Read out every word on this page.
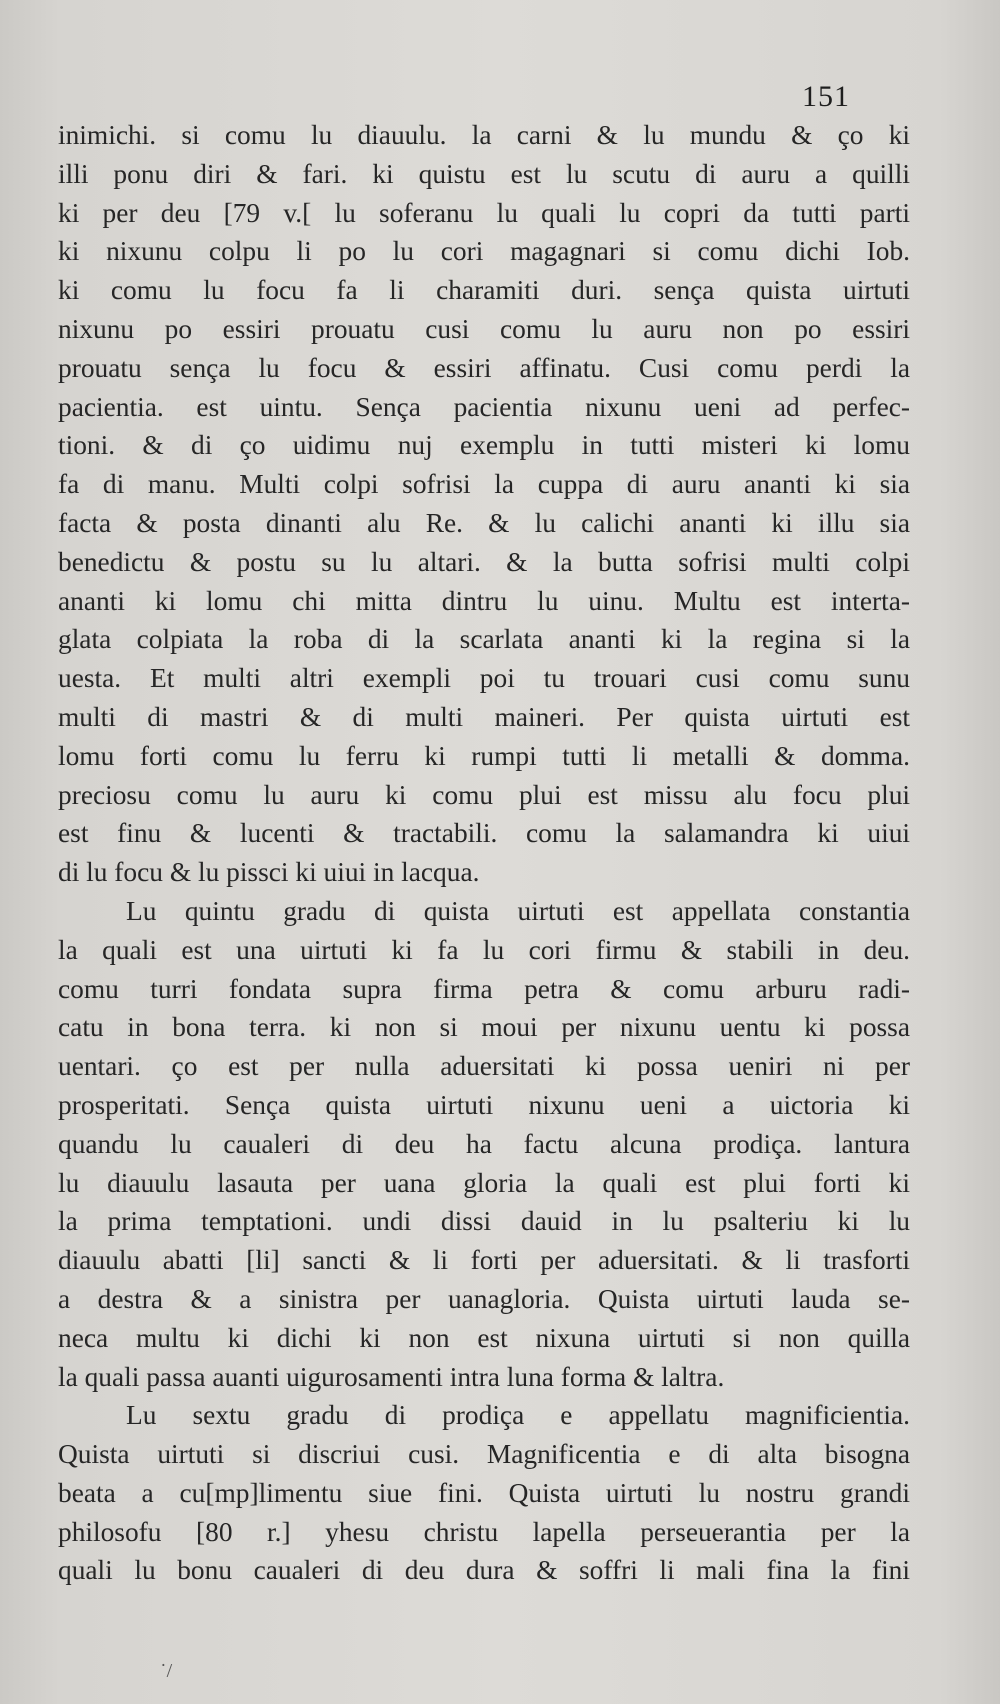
151
inimichi. si comu lu diauulu. la carni & lu mundu & ço ki
illi ponu diri & fari. ki quistu est lu scutu di auru a quilli
ki per deu [79 v.[ lu soferanu lu quali lu copri da tutti parti
ki nixunu colpu li po lu cori magagnari si comu dichi Iob.
ki comu lu focu fa li charamiti duri. sença quista uirtuti
nixunu po essiri prouatu cusi comu lu auru non po essiri
prouatu sença lu focu & essiri affinatu. Cusi comu perdi la
pacientia. est uintu. Sença pacientia nixunu ueni ad perfec-
tioni. & di ço uidimu nuj exemplu in tutti misteri ki lomu
fa di manu. Multi colpi sofrisi la cuppa di auru ananti ki sia
facta & posta dinanti alu Re. & lu calichi ananti ki illu sia
benedictu & postu su lu altari. & la butta sofrisi multi colpi
ananti ki lomu chi mitta dintru lu uinu. Multu est interta-
glata colpiata la roba di la scarlata ananti ki la regina si la
uesta. Et multi altri exempli poi tu trouari cusi comu sunu
multi di mastri & di multi maineri. Per quista uirtuti est
lomu forti comu lu ferru ki rumpi tutti li metalli & domma.
preciosu comu lu auru ki comu plui est missu alu focu plui
est finu & lucenti & tractabili. comu la salamandra ki uiui
di lu focu & lu pissci ki uiui in lacqua.
Lu quintu gradu di quista uirtuti est appellata constantia
la quali est una uirtuti ki fa lu cori firmu & stabili in deu.
comu turri fondata supra firma petra & comu arburu radi-
catu in bona terra. ki non si moui per nixunu uentu ki possa
uentari. ço est per nulla aduersitati ki possa ueniri ni per
prosperitati. Sença quista uirtuti nixunu ueni a uictoria ki
quandu lu caualeri di deu ha factu alcuna prodiça. lantura
lu diauulu lasauta per uana gloria la quali est plui forti ki
la prima temptationi. undi dissi dauid in lu psalteriu ki lu
diauulu abatti [li] sancti & li forti per aduersitati. & li trasforti
a destra & a sinistra per uanagloria. Quista uirtuti lauda se-
neca multu ki dichi ki non est nixuna uirtuti si non quilla
la quali passa auanti uigurosamenti intra luna forma & laltra.
Lu sextu gradu di prodiça e appellatu magnificientia.
Quista uirtuti si discriui cusi. Magnificentia e di alta bisogna
beata a cu[mp]limentu siue fini. Quista uirtuti lu nostru grandi
philosofu [80 r.] yhesu christu lapella perseuerantia per la
quali lu bonu caualeri di deu dura & soffri li mali fina la fini
˙/
